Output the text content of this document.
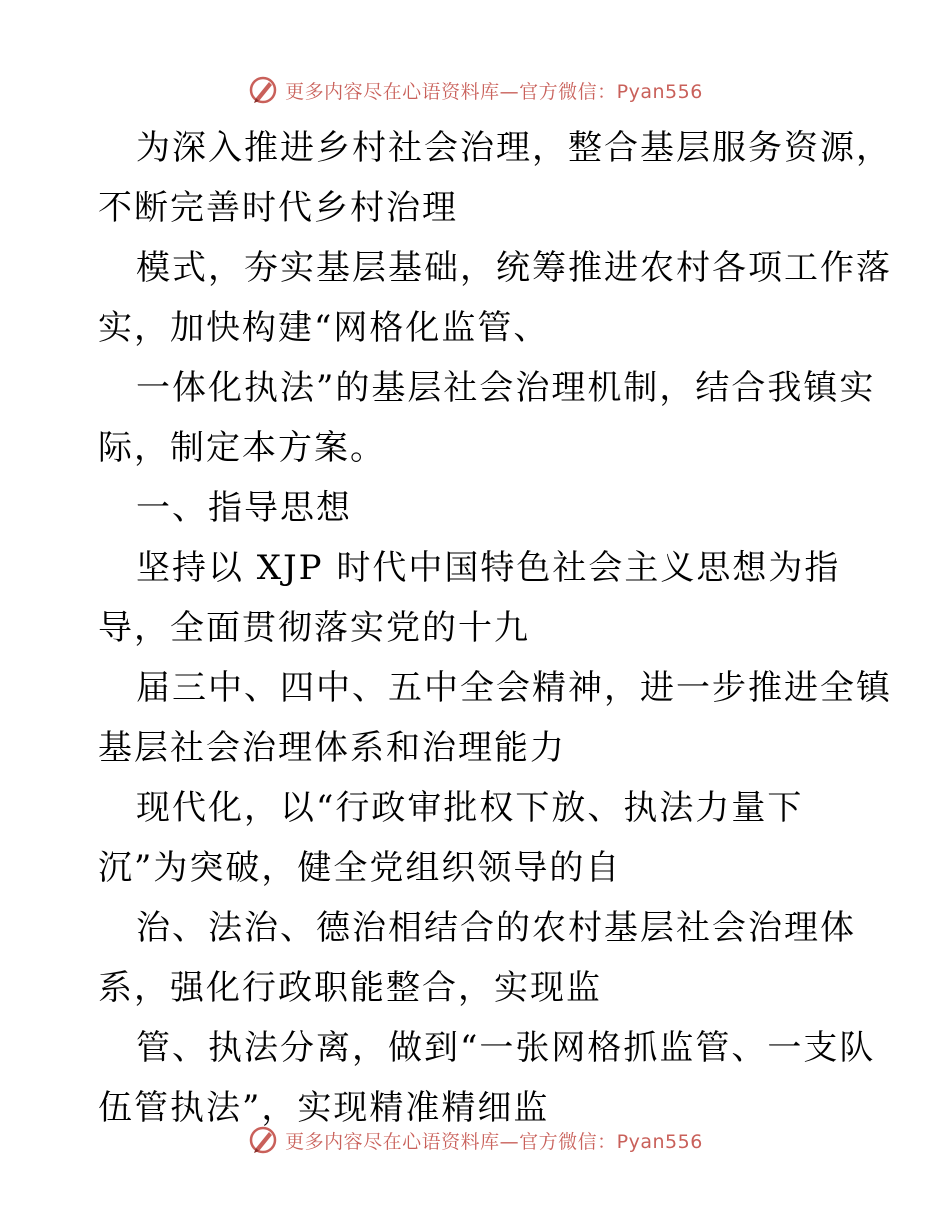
更多内容尽在心语资料库—官方微信：Pyan556
为深入推进乡村社会治理，整合基层服务资源，
不断完善时代乡村治理
模式，夯实基层基础，统筹推进农村各项工作落
实，加快构建“网格化监管、
一体化执法”的基层社会治理机制，结合我镇实
际，制定本方案。
一、指导思想
坚持以 XJP 时代中国特色社会主义思想为指
导，全面贯彻落实党的十九
届三中、四中、五中全会精神，进一步推进全镇
基层社会治理体系和治理能力
现代化，以“行政审批权下放、执法力量下
沉”为突破，健全党组织领导的自
治、法治、德治相结合的农村基层社会治理体
系，强化行政职能整合，实现监
管、执法分离，做到“一张网格抓监管、一支队
伍管执法”，实现精准精细监
更多内容尽在心语资料库—官方微信：Pyan556
